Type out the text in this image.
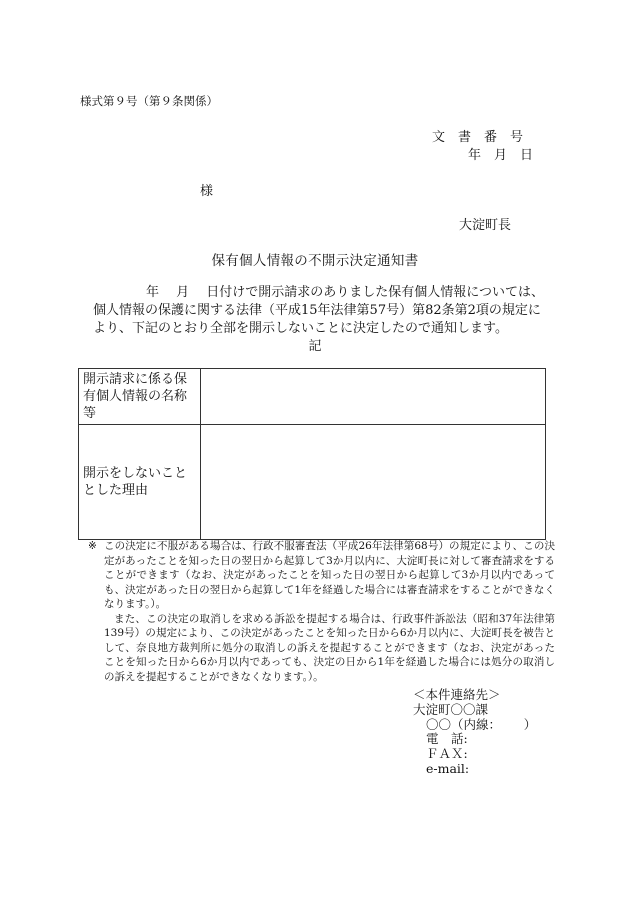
様式第９号（第９条関係）
文　書　番　号
年　月　日
様
大淀町長
保有個人情報の不開示決定通知書
年　 月　 日付けで開示請求のありました保有個人情報については、
個人情報の保護に関する法律（平成15年法律第57号）第82条第2項の規定に
より、下記のとおり全部を開示しないことに決定したので通知します。
記
開示請求に係る保有個人情報の名称等	
開示をしないこととした理由	
※ この決定に不服がある場合は、行政不服審査法（平成26年法律第68号）の規定により、この決定があったことを知った日の翌日から起算して3か月以内に、大淀町長に対して審査請求をすることができます（なお、決定があったことを知った日の翌日から起算して3か月以内であっても、決定があった日の翌日から起算して1年を経過した場合には審査請求をすることができなくなります。）。

また、この決定の取消しを求める訴訟を提起する場合は、行政事件訴訟法（昭和37年法律第139号）の規定により、この決定があったことを知った日から6か月以内に、大淀町長を被告として、奈良地方裁判所に処分の取消しの訴えを提起することができます（なお、決定があったことを知った日から6か月以内であっても、決定の日から1年を経過した場合には処分の取消しの訴えを提起することができなくなります。）。

＜本件連絡先＞
大淀町〇〇課
〇〇（内線：　　 ）
電　話:
ＦＡＸ:
e-mail:
